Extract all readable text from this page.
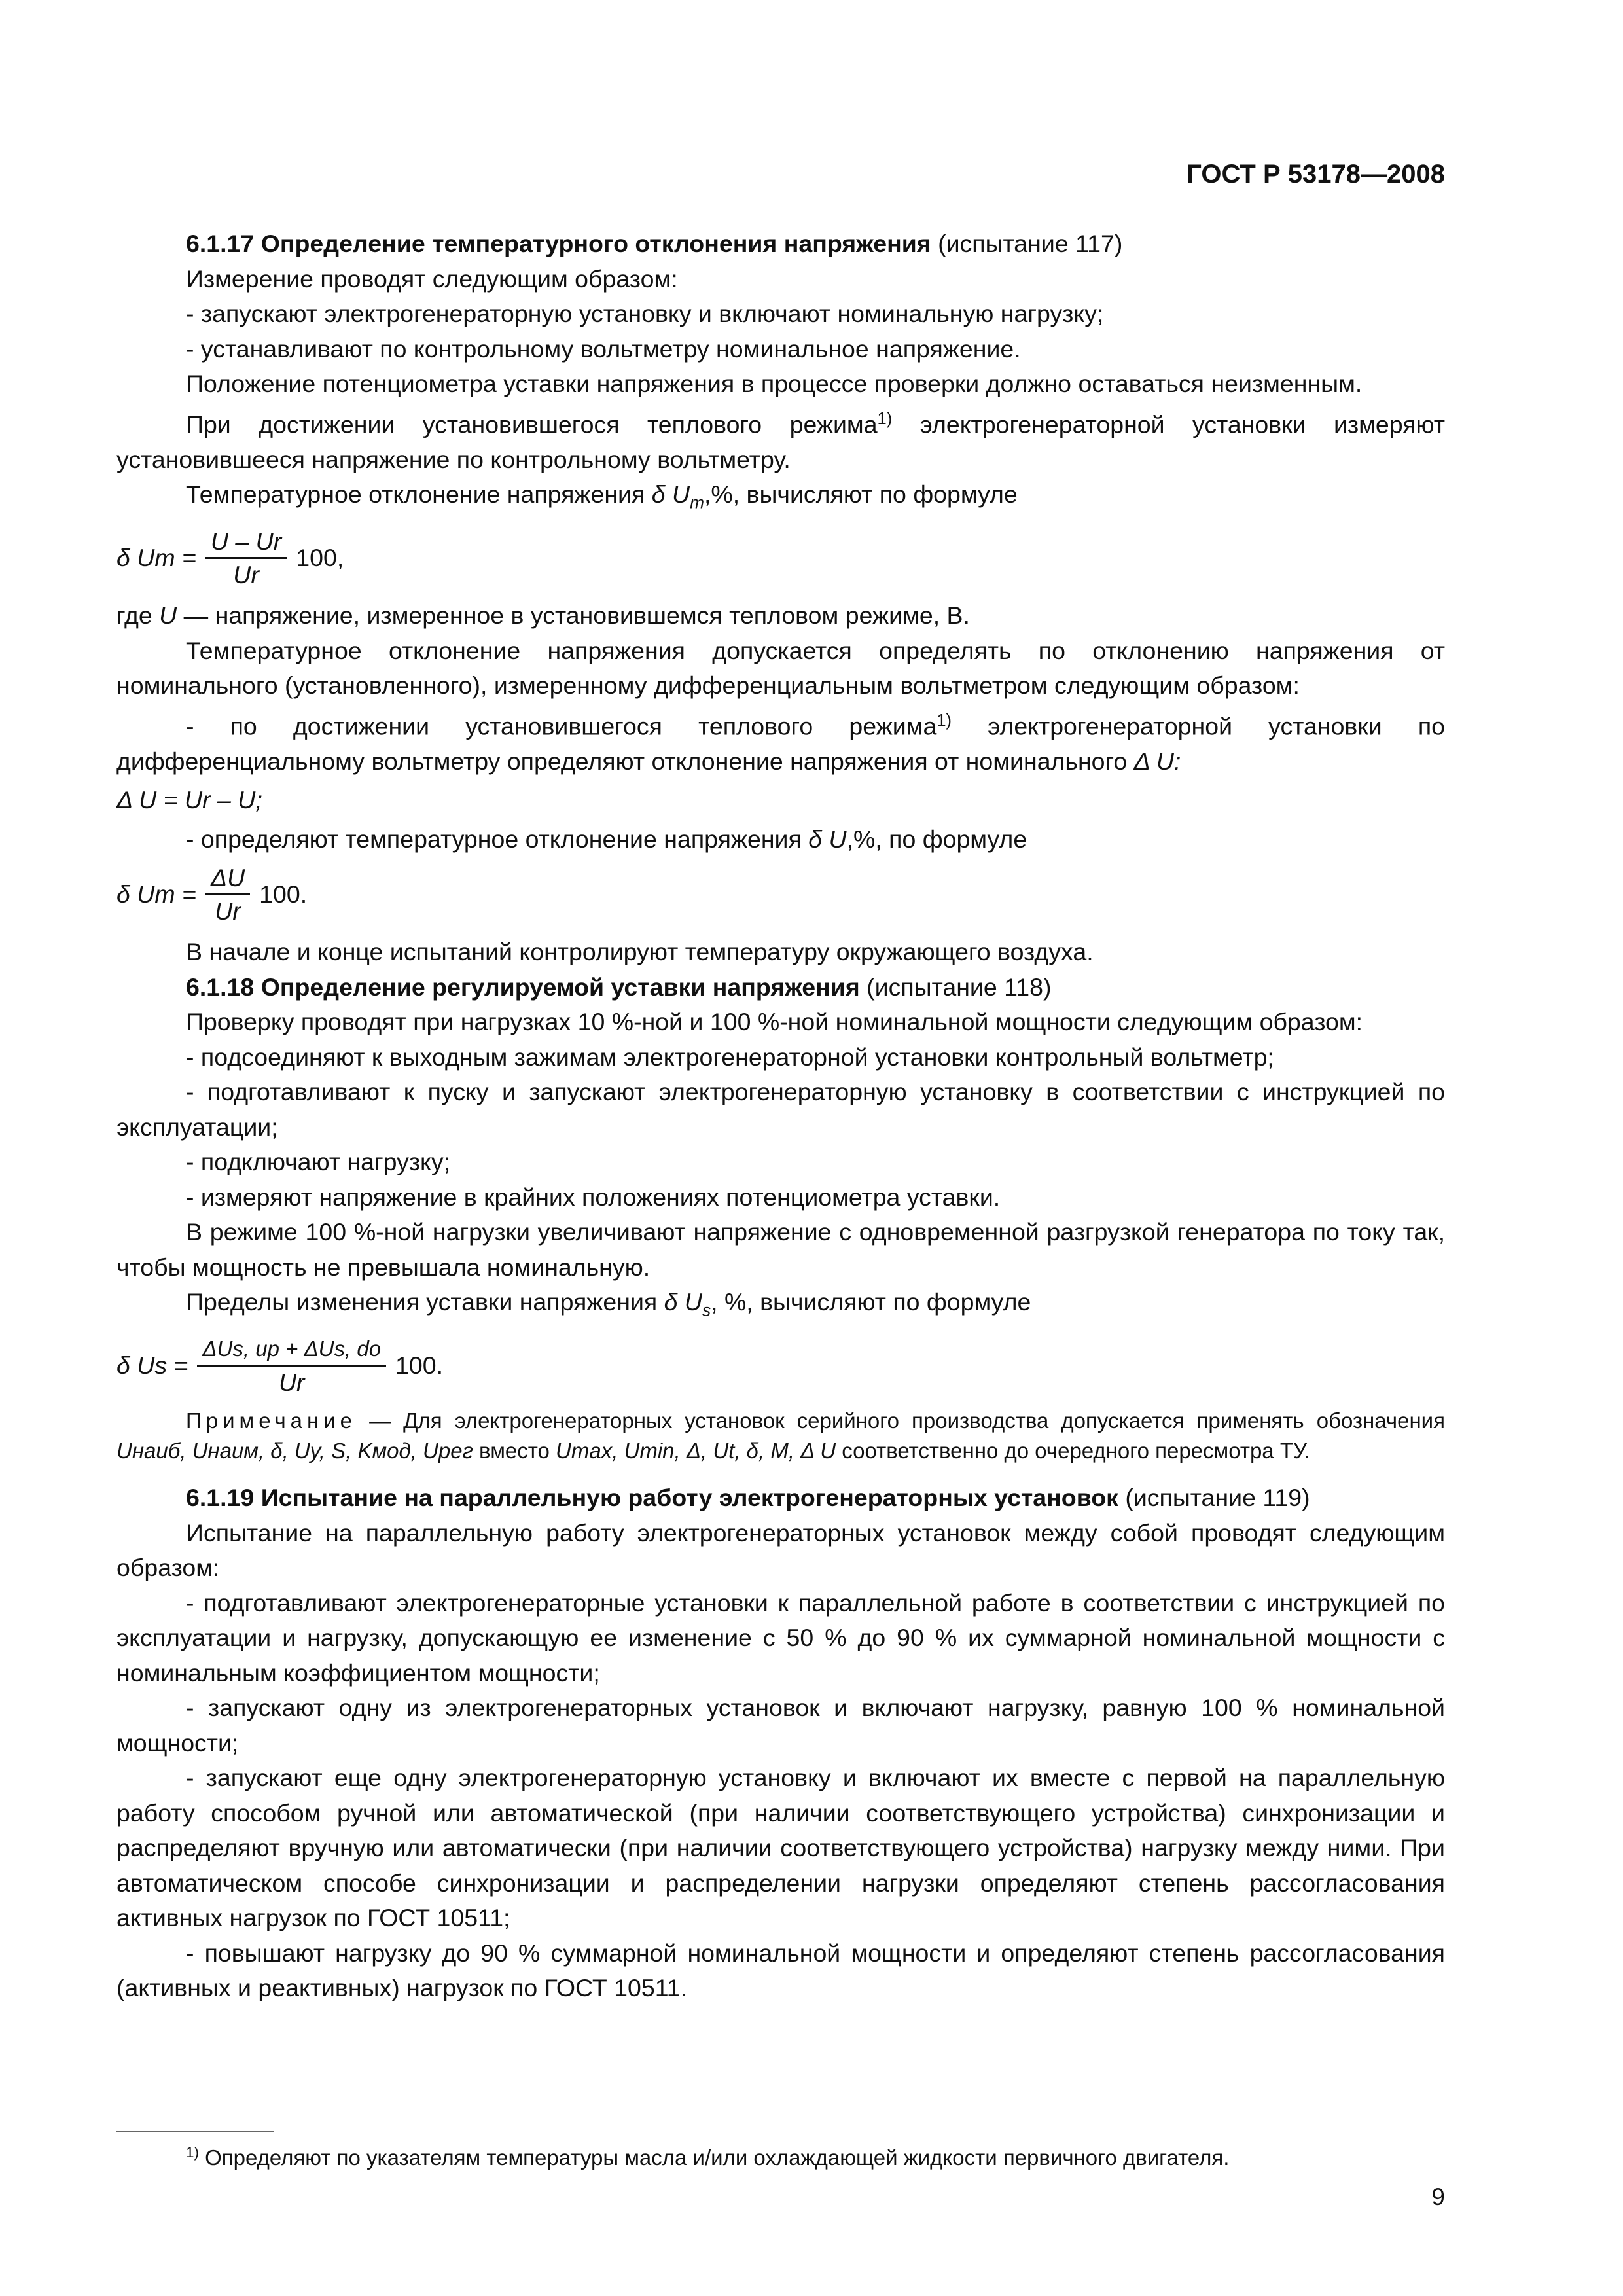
ГОСТ Р 53178—2008

6.1.17 Определение температурного отклонения напряжения (испытание 117)

Измерение проводят следующим образом:

- запускают электрогенераторную установку и включают номинальную нагрузку;

- устанавливают по контрольному вольтметру номинальное напряжение.

Положение потенциометра уставки напряжения в процессе проверки должно оставаться неизменным.

При достижении установившегося теплового режима$^{1)}$ электрогенераторной установки измеряют установившееся напряжение по контрольному вольтметру.

Температурное отклонение напряжения δ $U_т,\%$, вычисляют по формуле

δ Uт = $\frac{U - Ur}{Ur} 100$,

где U — напряжение, измеренное в установившемся тепловом режиме, В.

Температурное отклонение напряжения допускается определять по отклонению напряжения от номинального (установленного), измеренному дифференциальным вольтметром следующим образом:

- по достижении установившегося теплового режима$^{1)}$ электрогенераторной установки по дифференциальному вольтметру определяют отклонение напряжения от номинального Δ U:

Δ U = Ur – U;

- определяют температурное отклонение напряжения δ U,%, по формуле

δ Uт = $\frac{\Delta U}{Ur} 100$.

В начале и конце испытаний контролируют температуру окружающего воздуха.

6.1.18 Определение регулируемой уставки напряжения (испытание 118)

Проверку проводят при нагрузках 10 %-ной и 100 %-ной номинальной мощности следующим образом:

- подсоединяют к выходным зажимам электрогенераторной установки контрольный вольтметр;

- подготавливают к пуску и запускают электрогенераторную установку в соответствии с инструкцией по эксплуатации;

- подключают нагрузку;

- измеряют напряжение в крайних положениях потенциометра уставки.

В режиме 100 %-ной нагрузки увеличивают напряжение с одновременной разгрузкой генератора по току так, чтобы мощность не превышала номинальную.

Пределы изменения уставки напряжения δ $U_s$, %, вычисляют по формуле

δ $Us = \frac{\text{ΔUs, up + ΔUs, do}}{Ur} 100$.

Примечание — Для электрогенераторных установок серийного производства допускается применять обозначения Uнаиб, Uнаим, δ, Uy, S, Kмод, Uрег вместо Umax, Umin, Δ, Ut, δ, M, Δ U соответственно до очередного пересмотра ТУ.

6.1.19 Испытание на параллельную работу электрогенераторных установок (испытание 119)

Испытание на параллельную работу электрогенераторных установок между собой проводят следующим образом:

- подготавливают электрогенераторные установки к параллельной работе в соответствии с инструкцией по эксплуатации и нагрузку, допускающую ее изменение с 50 % до 90 % их суммарной номинальной мощности с номинальным коэффициентом мощности;

- запускают одну из электрогенераторных установок и включают нагрузку, равную 100 % номинальной мощности;

- запускают еще одну электрогенераторную установку и включают их вместе с первой на параллельную работу способом ручной или автоматической (при наличии соответствующего устройства) синхронизации и распределяют вручную или автоматически (при наличии соответствующего устройства) нагрузку между ними. При автоматическом способе синхронизации и распределении нагрузки определяют степень рассогласования активных нагрузок по ГОСТ 10511;

- повышают нагрузку до 90 % суммарной номинальной мощности и определяют степень рассогласования (активных и реактивных) нагрузок по ГОСТ 10511.

$^{1)}$ Определяют по указателям температуры масла и/или охлаждающей жидкости первичного двигателя.
9
